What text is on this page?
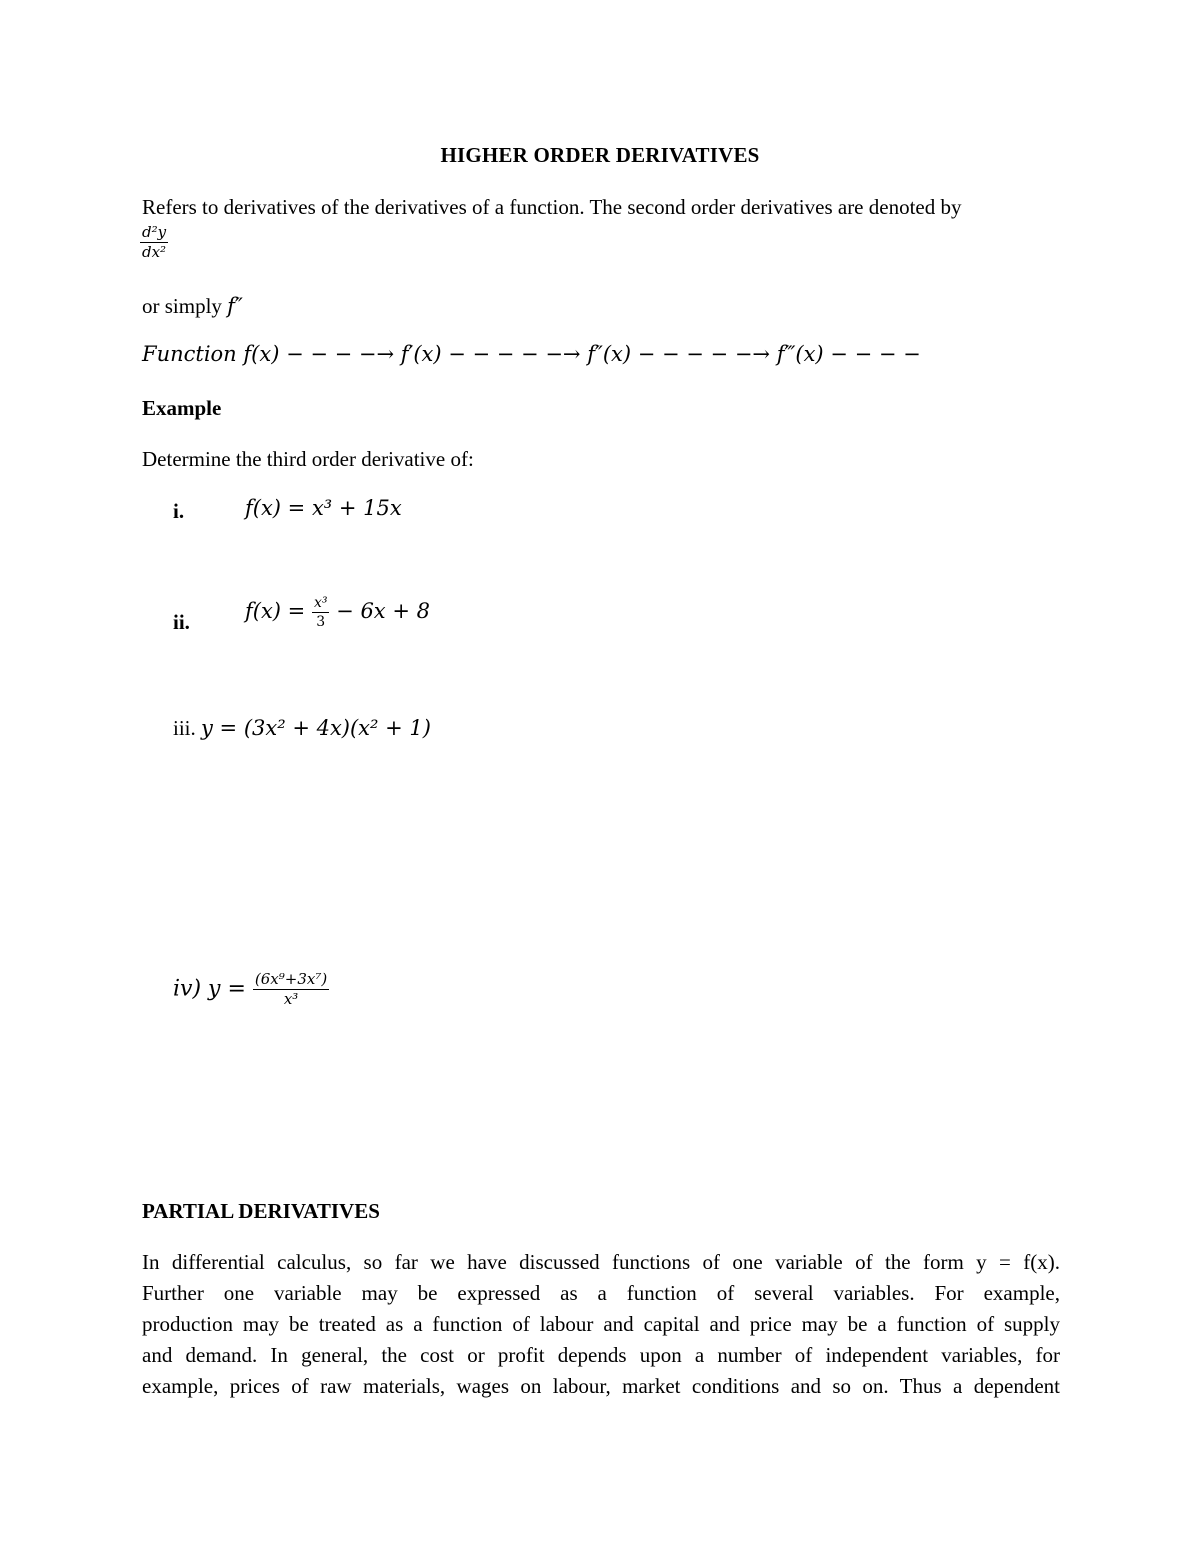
HIGHER ORDER DERIVATIVES
Refers to derivatives of the derivatives of a function. The second order derivatives are denoted by
$\frac{\text{d²y}}{\text{dx²}}$
or simply f″
Function f(x) − − − −→ f′(x) − − − − −→ f″(x) − − − − −→ f‴(x) − − − −
Example
Determine the third order derivative of:
i.	f(x) = x³ + 15x
ii.	$f(x) = \frac{\text{x³}}{3} - 6x + 8$
iii. y = (3x² + 4x)(x² + 1)
iv) $y = \frac{\text{(6x⁹+3x⁷)}}{\text{x³}}$
PARTIAL DERIVATIVES
In differential calculus, so far we have discussed functions of one variable of the form y = f(x).
Further one variable may be expressed as a function of several variables. For example,
production may be treated as a function of labour and capital and price may be a function of supply
and demand. In general, the cost or profit depends upon a number of independent variables, for
example, prices of raw materials, wages on labour, market conditions and so on. Thus a dependent
